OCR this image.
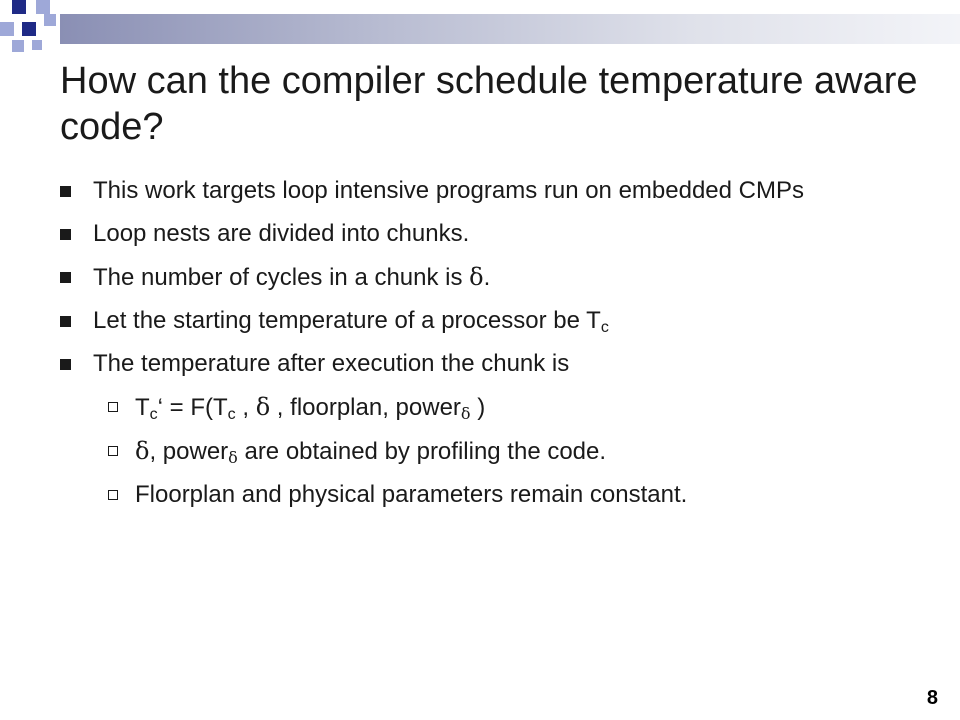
How can the compiler schedule temperature aware code?
This work targets loop intensive programs run on embedded CMPs
Loop nests are divided into chunks.
The number of cycles in a chunk is δ.
Let the starting temperature of a processor be $T_c$
The temperature after execution the chunk is
$T_c‘ = F(T_c$ , δ , floorplan, power$_\delta$ )
δ, power$_\delta$ are obtained by profiling the code.
Floorplan and physical parameters remain constant.
8
